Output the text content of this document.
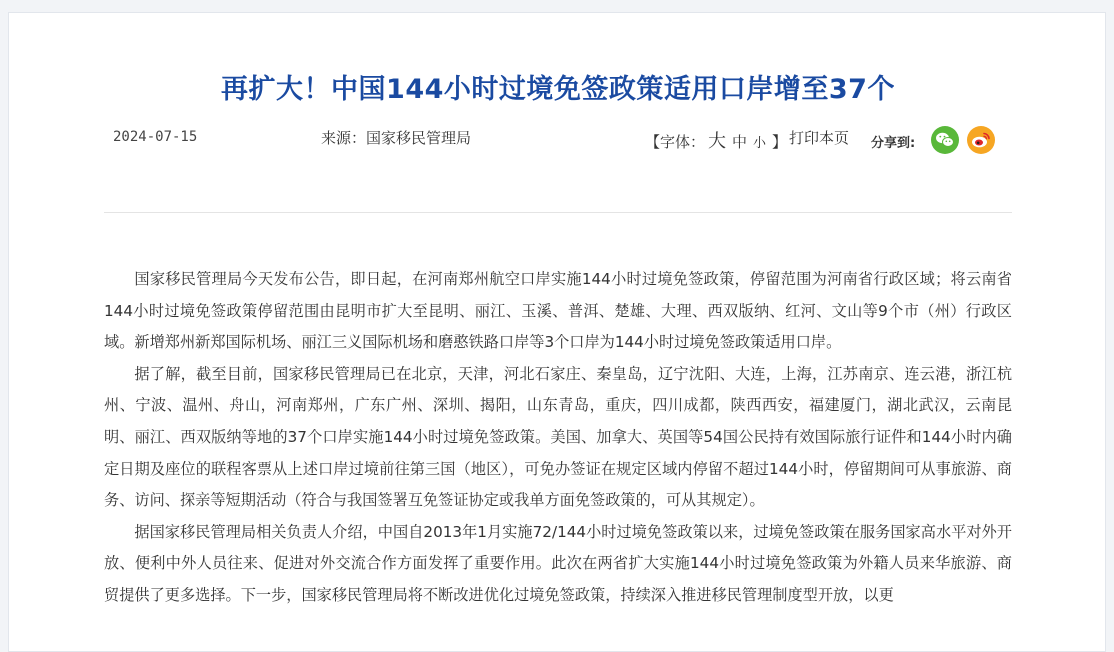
再扩大！中国144小时过境免签政策适用口岸增至37个
2024-07-15	来源：国家移民管理局	【字体： 大 中 小 】 打印本页 分享到:

国家移民管理局今天发布公告，即日起，在河南郑州航空口岸实施144小时过境免签政策，停留范围为河南省行政区域；将云南省144小时过境免签政策停留范围由昆明市扩大至昆明、丽江、玉溪、普洱、楚雄、大理、西双版纳、红河、文山等9个市（州）行政区域。新增郑州新郑国际机场、丽江三义国际机场和磨憨铁路口岸等3个口岸为144小时过境免签政策适用口岸。

据了解，截至目前，国家移民管理局已在北京，天津，河北石家庄、秦皇岛，辽宁沈阳、大连，上海，江苏南京、连云港，浙江杭州、宁波、温州、舟山，河南郑州，广东广州、深圳、揭阳，山东青岛，重庆，四川成都，陕西西安，福建厦门，湖北武汉，云南昆明、丽江、西双版纳等地的37个口岸实施144小时过境免签政策。美国、加拿大、英国等54国公民持有效国际旅行证件和144小时内确定日期及座位的联程客票从上述口岸过境前往第三国（地区），可免办签证在规定区域内停留不超过144小时，停留期间可从事旅游、商务、访问、探亲等短期活动（符合与我国签署互免签证协定或我单方面免签政策的，可从其规定）。

据国家移民管理局相关负责人介绍，中国自2013年1月实施72/144小时过境免签政策以来，过境免签政策在服务国家高水平对外开放、便利中外人员往来、促进对外交流合作方面发挥了重要作用。此次在两省扩大实施144小时过境免签政策为外籍人员来华旅游、商贸提供了更多选择。下一步，国家移民管理局将不断改进优化过境免签政策，持续深入推进移民管理制度型开放，以更
